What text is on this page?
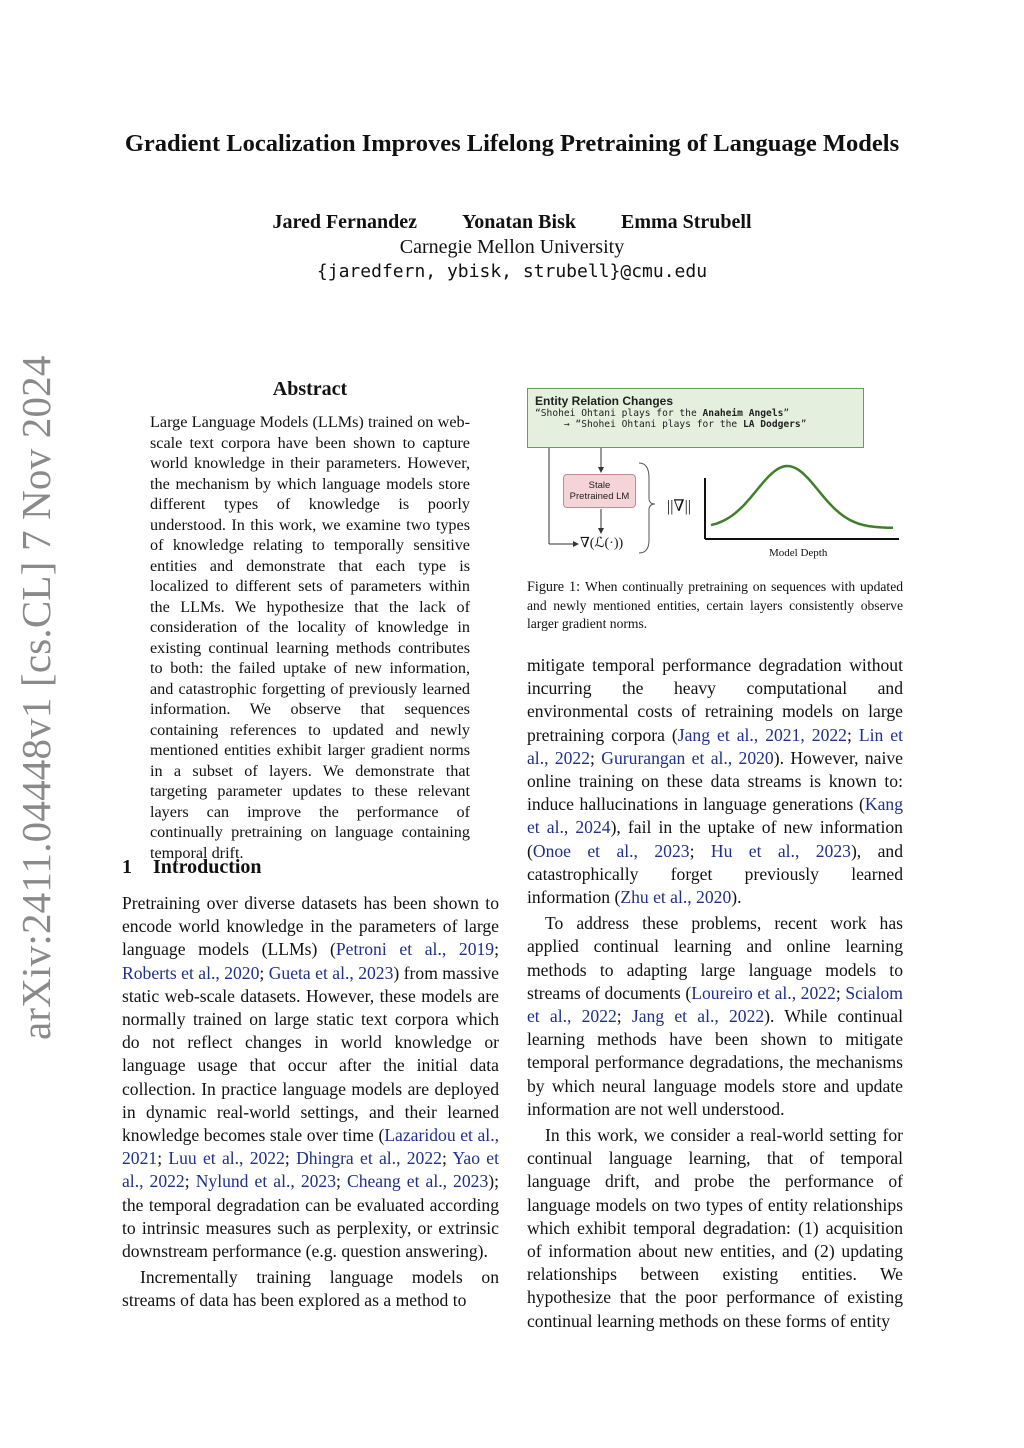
Gradient Localization Improves Lifelong Pretraining of Language Models
Jared Fernandez Yonatan Bisk Emma Strubell
Carnegie Mellon University
{jaredfern, ybisk, strubell}@cmu.edu
arXiv:2411.04448v1 [cs.CL] 7 Nov 2024	Abstract
Large Language Models (LLMs) trained on web-scale text corpora have been shown to capture world knowledge in their parameters. However, the mechanism by which language models store different types of knowledge is poorly understood. In this work, we examine two types of knowledge relating to temporally sensitive entities and demonstrate that each type is localized to different sets of parameters within the LLMs. We hypothesize that the lack of consideration of the locality of knowledge in existing continual learning methods contributes to both: the failed uptake of new information, and catastrophic forgetting of previously learned information. We observe that sequences containing references to updated and newly mentioned entities exhibit larger gradient norms in a subset of layers. We demonstrate that targeting parameter updates to these relevant layers can improve the performance of continually pretraining on language containing temporal drift.
1 Introduction

Pretraining over diverse datasets has been shown to encode world knowledge in the parameters of large language models (LLMs) (Petroni et al., 2019; Roberts et al., 2020; Gueta et al., 2023) from massive static web-scale datasets. However, these models are normally trained on large static text corpora which do not reflect changes in world knowledge or language usage that occur after the initial data collection. In practice language models are deployed in dynamic real-world settings, and their learned knowledge becomes stale over time (Lazaridou et al., 2021; Luu et al., 2022; Dhingra et al., 2022; Yao et al., 2022; Nylund et al., 2023; Cheang et al., 2023); the temporal degradation can be evaluated according to intrinsic measures such as perplexity, or extrinsic downstream performance (e.g. question answering).

Incrementally training language models on streams of data has been explored as a method to

Entity Relation Changes
“Shohei Ohtani plays for the Anaheim Angels”
→ “Shohei Ohtani plays for the LA Dodgers”
Stale
Pretrained LM
∇(ℒ(·))
||∇||
Model Depth
Figure 1: When continually pretraining on sequences with updated and newly mentioned entities, certain layers consistently observe larger gradient norms.

mitigate temporal performance degradation without incurring the heavy computational and environmental costs of retraining models on large pretraining corpora (Jang et al., 2021, 2022; Lin et al., 2022; Gururangan et al., 2020). However, naive online training on these data streams is known to: induce hallucinations in language generations (Kang et al., 2024), fail in the uptake of new information (Onoe et al., 2023; Hu et al., 2023), and catastrophically forget previously learned information (Zhu et al., 2020).

To address these problems, recent work has applied continual learning and online learning methods to adapting large language models to streams of documents (Loureiro et al., 2022; Scialom et al., 2022; Jang et al., 2022). While continual learning methods have been shown to mitigate temporal performance degradations, the mechanisms by which neural language models store and update information are not well understood.

In this work, we consider a real-world setting for continual language learning, that of temporal language drift, and probe the performance of language models on two types of entity relationships which exhibit temporal degradation: (1) acquisition of information about new entities, and (2) updating relationships between existing entities. We hypothesize that the poor performance of existing continual learning methods on these forms of entity
